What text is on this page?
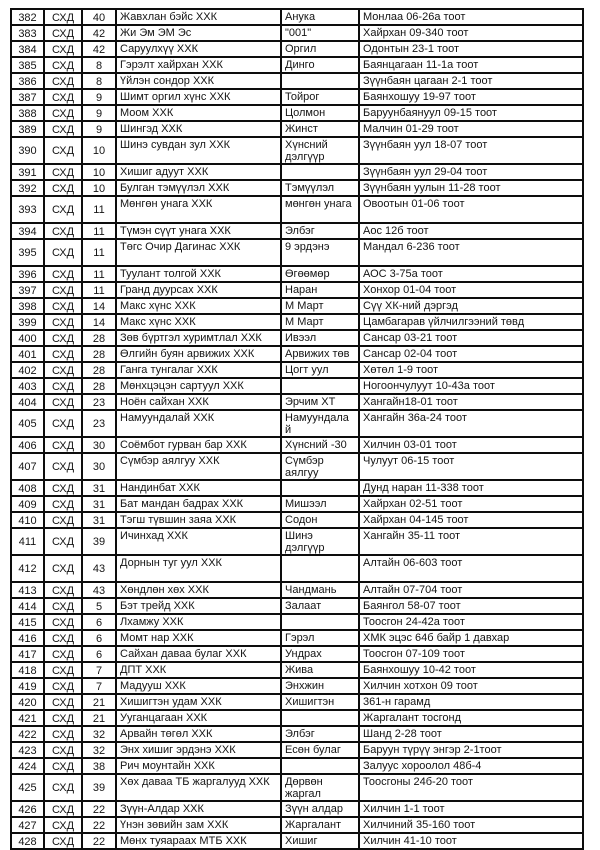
382	СХД	40	Жавхлан бэйс ХХК	Анука	Монлаа 06-26а тоот
383	СХД	42	Жи Эм ЭМ Эс	"001"	Хайрхан 09-340 тоот
384	СХД	42	Саруулхүү ХХК	Оргил	Одонтын 23-1 тоот
385	СХД	8	Гэрэлт хайрхан ХХК	Динго	Баянцагаан 11-1а тоот
386	СХД	8	Үйлэн сондор ХХК		Зүүнбаян цагаан 2-1 тоот
387	СХД	9	Шимт оргил хүнс ХХК	Тойрог	Баянхошуу 19-97 тоот
388	СХД	9	Моом ХХК	Цолмон	Баруунбаянуул 09-15 тоот
389	СХД	9	Шингэд ХХК	Жинст	Малчин 01-29 тоот
390	СХД	10	Шинэ сувдан зул ХХК	Хүнсний дэлгүүр	Зүүнбаян уул 18-07 тоот
391	СХД	10	Хишиг адуут ХХК		Зүүнбаян уул 29-04 тоот
392	СХД	10	Булган тэмүүлэл ХХК	Тэмүүлэл	Зүүнбаян уулын 11-28 тоот
393	СХД	11	Мөнгөн унага ХХК	мөнгөн унага	Овоотын 01-06 тоот
394	СХД	11	Түмэн сүүт унага ХХК	Элбэг	Аос 12б тоот
395	СХД	11	Төгс Очир Дагинас ХХК	9 эрдэнэ	Мандал 6-236 тоот
396	СХД	11	Туулант толгой ХХК	Өгөөмөр	АОС 3-75а тоот
397	СХД	11	Гранд дуурсах ХХК	Наран	Хонхор 01-04 тоот
398	СХД	14	Макс хүнс ХХК	М Март	Сүү ХК-ний дэргэд
399	СХД	14	Макс хүнс ХХК	М Март	Цамбагарав үйлчилгээний төвд
400	СХД	28	Зөв бүртгэл хуримтлал ХХК	Ивээл	Сансар 03-21 тоот
401	СХД	28	Өлгийн буян арвижих ХХК	Арвижих төв	Сансар 02-04 тоот
402	СХД	28	Ганга тунгалаг ХХК	Цогт уул	Хөтөл 1-9 тоот
403	СХД	28	Мөнхцэцэн сартуул ХХК		Ногоончулуут 10-43а тоот
404	СХД	23	Ноён сайхан ХХК	Эрчим ХТ	Хангайн18-01 тоот
405	СХД	23	Намуундалай ХХК	Намуундалай	Хангайн 36а-24 тоот
406	СХД	30	Соёмбот гурван бар ХХК	Хүнсний -30	Хилчин 03-01 тоот
407	СХД	30	Сүмбэр аялгуу ХХК	Сүмбэр аялгуу	Чулуут 06-15 тоот
408	СХД	31	Нандинбат ХХК		Дунд наран 11-338 тоот
409	СХД	31	Бат мандан бадрах ХХК	Мишээл	Хайрхан 02-51 тоот
410	СХД	31	Тэгш түвшин заяа ХХК	Содон	Хайрхан 04-145 тоот
411	СХД	39	Ичинхад ХХК	Шинэ дэлгүүр	Хангайн 35-11 тоот
412	СХД	43	Дорнын туг уул ХХК		Алтайн 06-603 тоот
413	СХД	43	Хөндлөн хөх ХХК	Чандмань	Алтайн 07-704 тоот
414	СХД	5	Бэт трейд ХХК	Залаат	Баянгол 58-07 тоот
415	СХД	6	Лхамжу ХХК		Тоосгон 24-42а тоот
416	СХД	6	Момт нар ХХК	Гэрэл	ХМК эцэс 64б байр 1 давхар
417	СХД	6	Сайхан даваа булаг ХХК	Ундрах	Тоосгон 07-109 тоот
418	СХД	7	ДПТ ХХК	Жива	Баянхошуу 10-42 тоот
419	СХД	7	Мадууш ХХК	Энхжин	Хилчин хотхон 09 тоот
420	СХД	21	Хишигтэн удам ХХК	Хишигтэн	361-н гарамд
421	СХД	21	Ууганцагаан ХХК		Жаргалант тосгонд
422	СХД	32	Арвайн төгөл ХХК	Элбэг	Шанд 2-28 тоот
423	СХД	32	Энх хишиг эрдэнэ ХХК	Есөн булаг	Баруун түрүү энгэр 2-1тоот
424	СХД	38	Рич моунтайн ХХК		Залуус хороолол 48б-4
425	СХД	39	Хөх даваа ТБ жаргалууд ХХК	Дөрвөн жаргал	Тоосгоны 24б-20 тоот
426	СХД	22	Зүүн-Алдар ХХК	Зүүн алдар	Хилчин 1-1 тоот
427	СХД	22	Үнэн зөвийн зам ХХК	Жаргалант	Хилчиний 35-160 тоот
428	СХД	22	Мөнх туяараах МТБ ХХК	Хишиг	Хилчин 41-10 тоот
